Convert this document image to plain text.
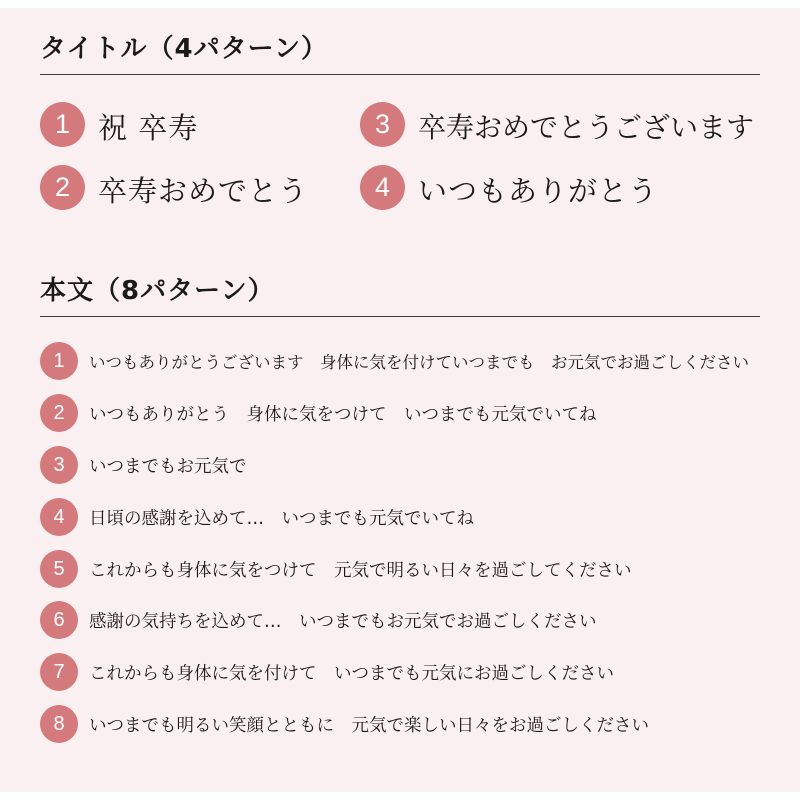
タイトル（4パターン）
1 祝 卒寿
2 卒寿おめでとう
3 卒寿おめでとうございます
4 いつもありがとう
本文（8パターン）
1	いつもありがとうございます　身体に気を付けていつまでも　お元気でお過ごしください
2	いつもありがとう　身体に気をつけて　いつまでも元気でいてね
3	いつまでもお元気で
4	日頃の感謝を込めて…　いつまでも元気でいてね
5	これからも身体に気をつけて　元気で明るい日々を過ごしてください
6	感謝の気持ちを込めて…　いつまでもお元気でお過ごしください
7	これからも身体に気を付けて　いつまでも元気にお過ごしください
8	いつまでも明るい笑顔とともに　元気で楽しい日々をお過ごしください
